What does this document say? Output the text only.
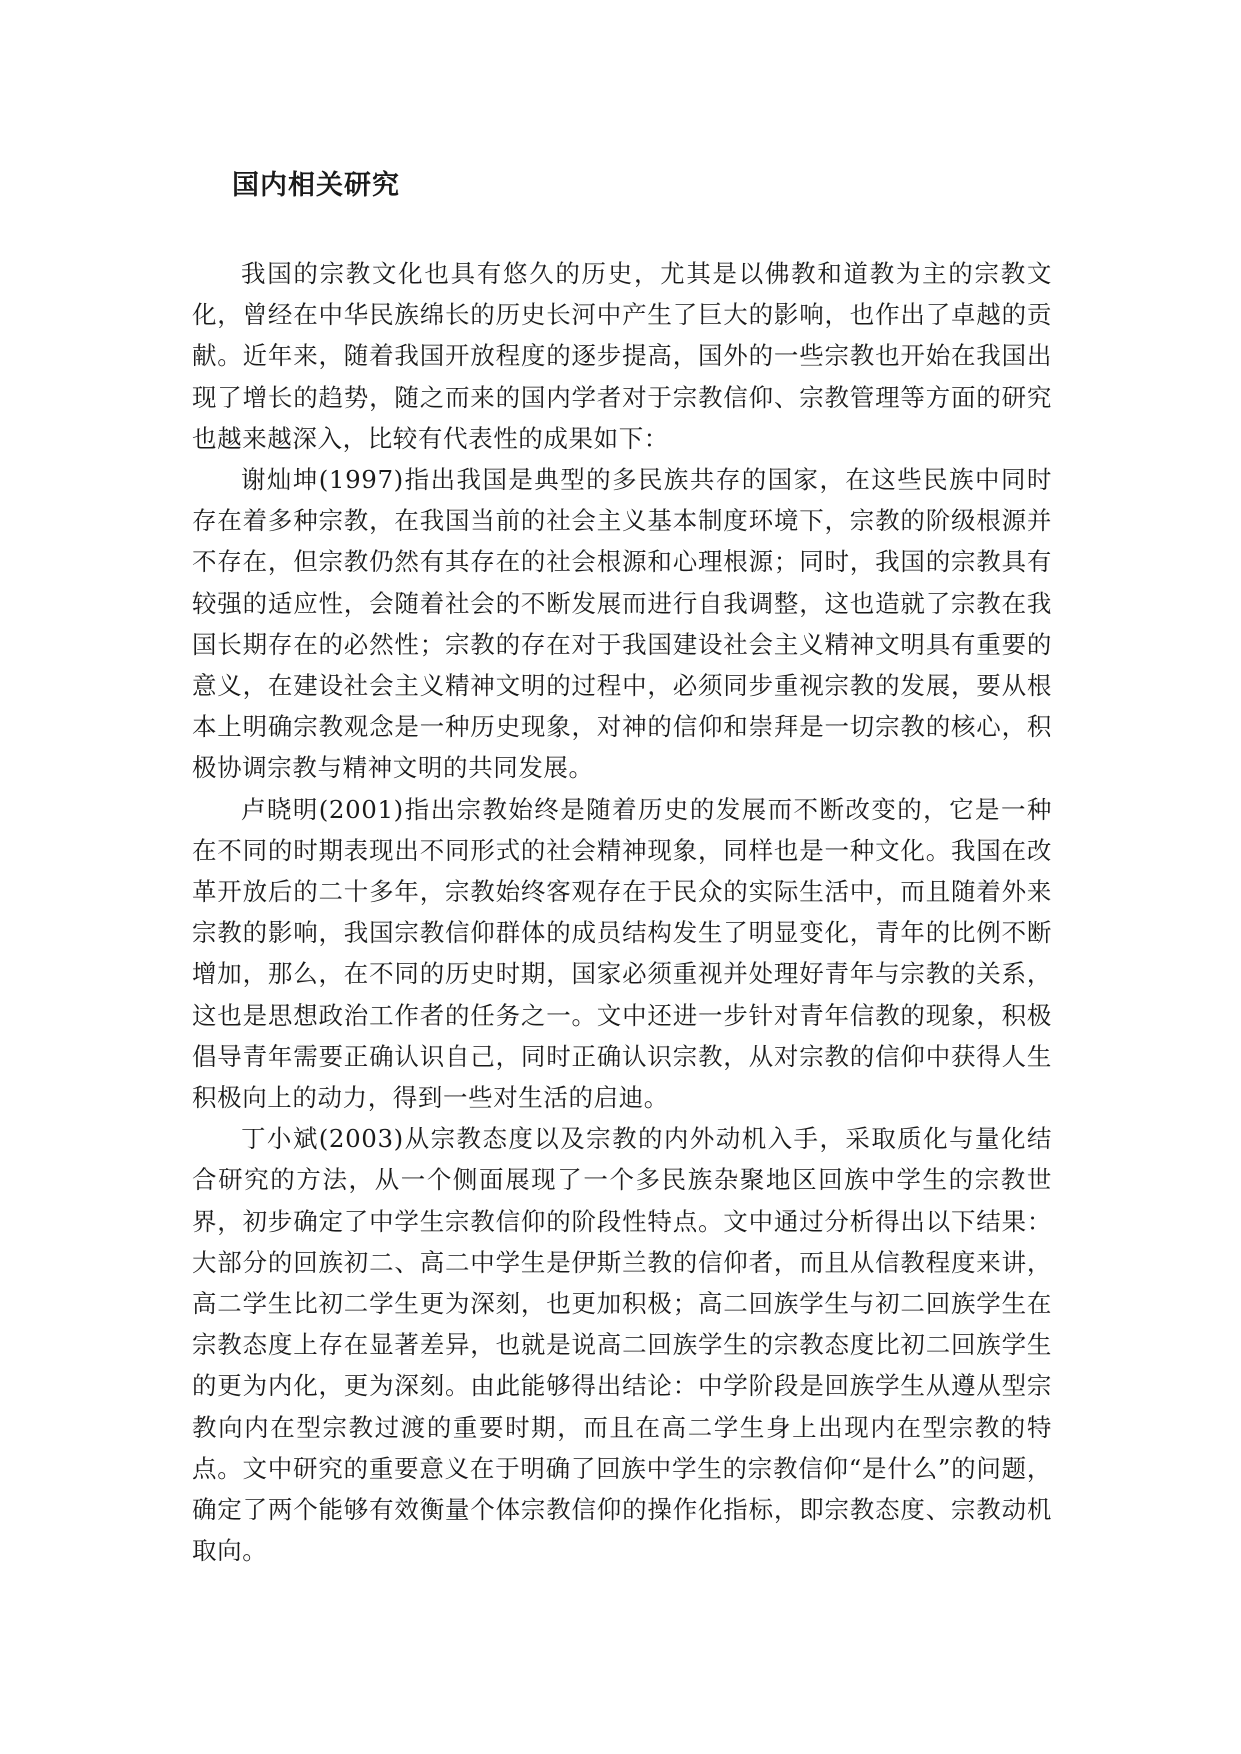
国内相关研究

我国的宗教文化也具有悠久的历史，尤其是以佛教和道教为主的宗教文化，曾经在中华民族绵长的历史长河中产生了巨大的影响，也作出了卓越的贡献。近年来，随着我国开放程度的逐步提高，国外的一些宗教也开始在我国出现了增长的趋势，随之而来的国内学者对于宗教信仰、宗教管理等方面的研究也越来越深入，比较有代表性的成果如下：

谢灿坤(1997)指出我国是典型的多民族共存的国家，在这些民族中同时存在着多种宗教，在我国当前的社会主义基本制度环境下，宗教的阶级根源并不存在，但宗教仍然有其存在的社会根源和心理根源；同时，我国的宗教具有较强的适应性，会随着社会的不断发展而进行自我调整，这也造就了宗教在我国长期存在的必然性；宗教的存在对于我国建设社会主义精神文明具有重要的意义，在建设社会主义精神文明的过程中，必须同步重视宗教的发展，要从根本上明确宗教观念是一种历史现象，对神的信仰和崇拜是一切宗教的核心，积极协调宗教与精神文明的共同发展。

卢晓明(2001)指出宗教始终是随着历史的发展而不断改变的，它是一种在不同的时期表现出不同形式的社会精神现象，同样也是一种文化。我国在改革开放后的二十多年，宗教始终客观存在于民众的实际生活中，而且随着外来宗教的影响，我国宗教信仰群体的成员结构发生了明显变化，青年的比例不断增加，那么，在不同的历史时期，国家必须重视并处理好青年与宗教的关系，这也是思想政治工作者的任务之一。文中还进一步针对青年信教的现象，积极倡导青年需要正确认识自己，同时正确认识宗教，从对宗教的信仰中获得人生积极向上的动力，得到一些对生活的启迪。

丁小斌(2003)从宗教态度以及宗教的内外动机入手，采取质化与量化结合研究的方法，从一个侧面展现了一个多民族杂聚地区回族中学生的宗教世界，初步确定了中学生宗教信仰的阶段性特点。文中通过分析得出以下结果：大部分的回族初二、高二中学生是伊斯兰教的信仰者，而且从信教程度来讲，高二学生比初二学生更为深刻，也更加积极；高二回族学生与初二回族学生在宗教态度上存在显著差异，也就是说高二回族学生的宗教态度比初二回族学生的更为内化，更为深刻。由此能够得出结论：中学阶段是回族学生从遵从型宗教向内在型宗教过渡的重要时期，而且在高二学生身上出现内在型宗教的特点。文中研究的重要意义在于明确了回族中学生的宗教信仰“是什么”的问题，确定了两个能够有效衡量个体宗教信仰的操作化指标，即宗教态度、宗教动机取向。
